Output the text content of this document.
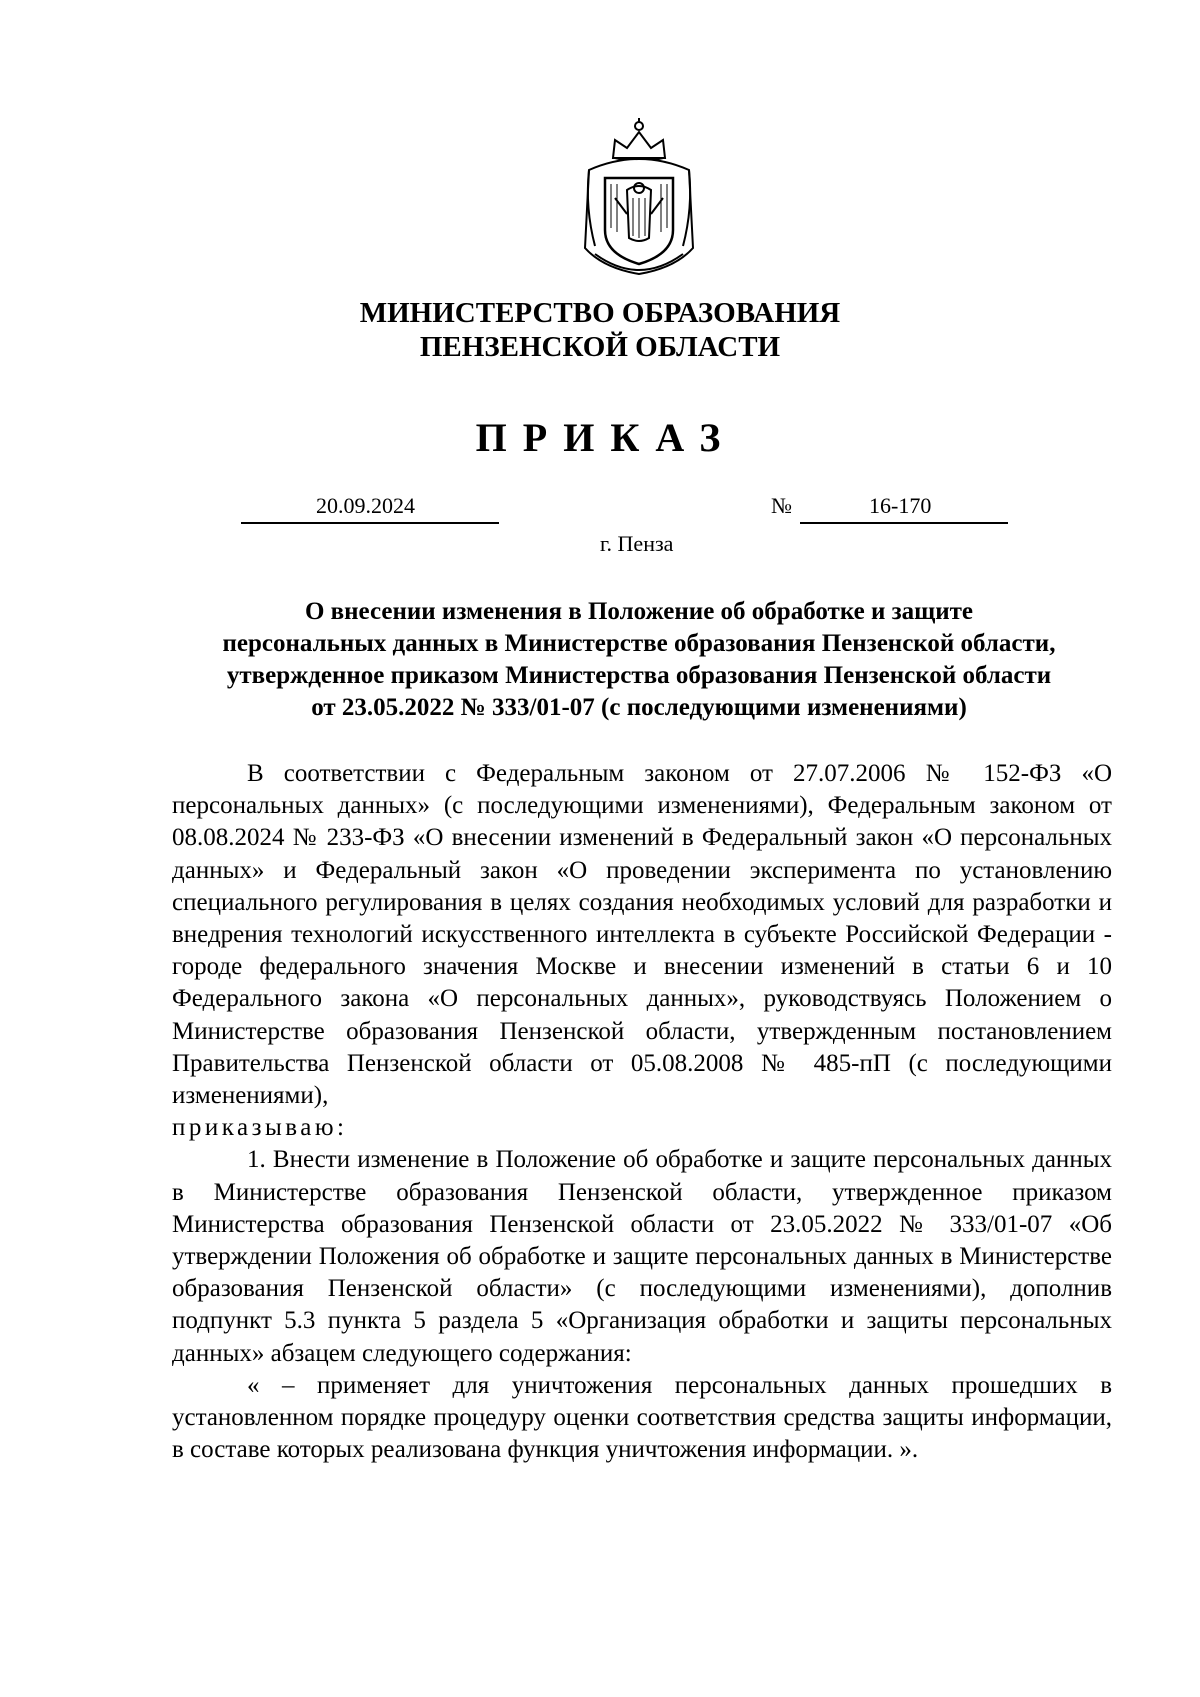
МИНИСТЕРСТВО ОБРАЗОВАНИЯ
ПЕНЗЕНСКОЙ ОБЛАСТИ
ПРИКАЗ
20.09.2024	№	16-170
г. Пенза
О внесении изменения в Положение об обработке и защите
персональных данных в Министерстве образования Пензенской области,
утвержденное приказом Министерства образования Пензенской области
от 23.05.2022 № 333/01-07 (с последующими изменениями)

В соответствии с Федеральным законом от 27.07.2006 № 152-ФЗ «О персональных данных» (с последующими изменениями), Федеральным законом от 08.08.2024 № 233-ФЗ «О внесении изменений в Федеральный закон «О персональных данных» и Федеральный закон «О проведении эксперимента по установлению специального регулирования в целях создания необходимых условий для разработки и внедрения технологий искусственного интеллекта в субъекте Российской Федерации - городе федерального значения Москве и внесении изменений в статьи 6 и 10 Федерального закона «О персональных данных», руководствуясь Положением о Министерстве образования Пензенской области, утвержденным постановлением Правительства Пензенской области от 05.08.2008 № 485-пП (с последующими изменениями),

приказываю:

1. Внести изменение в Положение об обработке и защите персональных данных в Министерстве образования Пензенской области, утвержденное приказом Министерства образования Пензенской области от 23.05.2022 № 333/01-07 «Об утверждении Положения об обработке и защите персональных данных в Министерстве образования Пензенской области» (с последующими изменениями), дополнив подпункт 5.3 пункта 5 раздела 5 «Организация обработки и защиты персональных данных» абзацем следующего содержания:

« – применяет для уничтожения персональных данных прошедших в установленном порядке процедуру оценки соответствия средства защиты информации, в составе которых реализована функция уничтожения информации. ».
